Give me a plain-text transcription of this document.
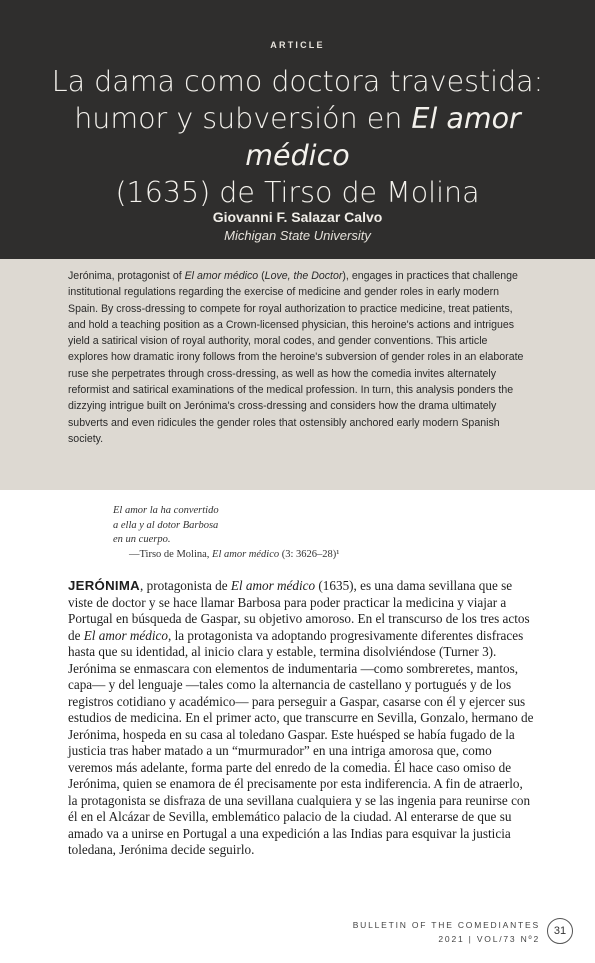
ARTICLE
La dama como doctora travestida:
humor y subversión en El amor médico
(1635) de Tirso de Molina
Giovanni F. Salazar Calvo
Michigan State University
Jerónima, protagonist of El amor médico (Love, the Doctor), engages in practices that challenge institutional regulations regarding the exercise of medicine and gender roles in early modern Spain. By cross-dressing to compete for royal authorization to practice medicine, treat patients, and hold a teaching position as a Crown-licensed physician, this heroine's actions and intrigues yield a satirical vision of royal authority, moral codes, and gender conventions. This article explores how dramatic irony follows from the heroine's subversion of gender roles in an elaborate ruse she perpetrates through cross-dressing, as well as how the comedia invites alternately reformist and satirical examinations of the medical profession. In turn, this analysis ponders the dizzying intrigue built on Jerónima's cross-dressing and considers how the drama ultimately subverts and even ridicules the gender roles that ostensibly anchored early modern Spanish society.
El amor la ha convertido
a ella y al dotor Barbosa
en un cuerpo.
—Tirso de Molina, El amor médico (3: 3626–28)¹

JERÓNIMA, protagonista de El amor médico (1635), es una dama sevillana que se viste de doctor y se hace llamar Barbosa para poder practicar la medicina y viajar a Portugal en búsqueda de Gaspar, su objetivo amoroso. En el transcurso de los tres actos de El amor médico, la protagonista va adoptando progresivamente diferentes disfraces hasta que su identidad, al inicio clara y estable, termina disolviéndose (Turner 3). Jerónima se enmascara con elementos de indumentaria —como sombreretes, mantos, capa— y del lenguaje —tales como la alternancia de castellano y portugués y de los registros cotidiano y académico— para perseguir a Gaspar, casarse con él y ejercer sus estudios de medicina. En el primer acto, que transcurre en Sevilla, Gonzalo, hermano de Jerónima, hospeda en su casa al toledano Gaspar. Este huésped se había fugado de la justicia tras haber matado a un “murmurador” en una intriga amorosa que, como veremos más adelante, forma parte del enredo de la comedia. Él hace caso omiso de Jerónima, quien se enamora de él precisamente por esta indiferencia. A fin de atraerlo, la protagonista se disfraza de una sevillana cualquiera y se las ingenia para reunirse con él en el Alcázar de Sevilla, emblemático palacio de la ciudad. Al enterarse de que su amado va a unirse en Portugal a una expedición a las Indias para esquivar la justicia toledana, Jerónima decide seguirlo.

BULLETIN OF THE COMEDIANTES
2021 | VOL/73 Nº2
31
